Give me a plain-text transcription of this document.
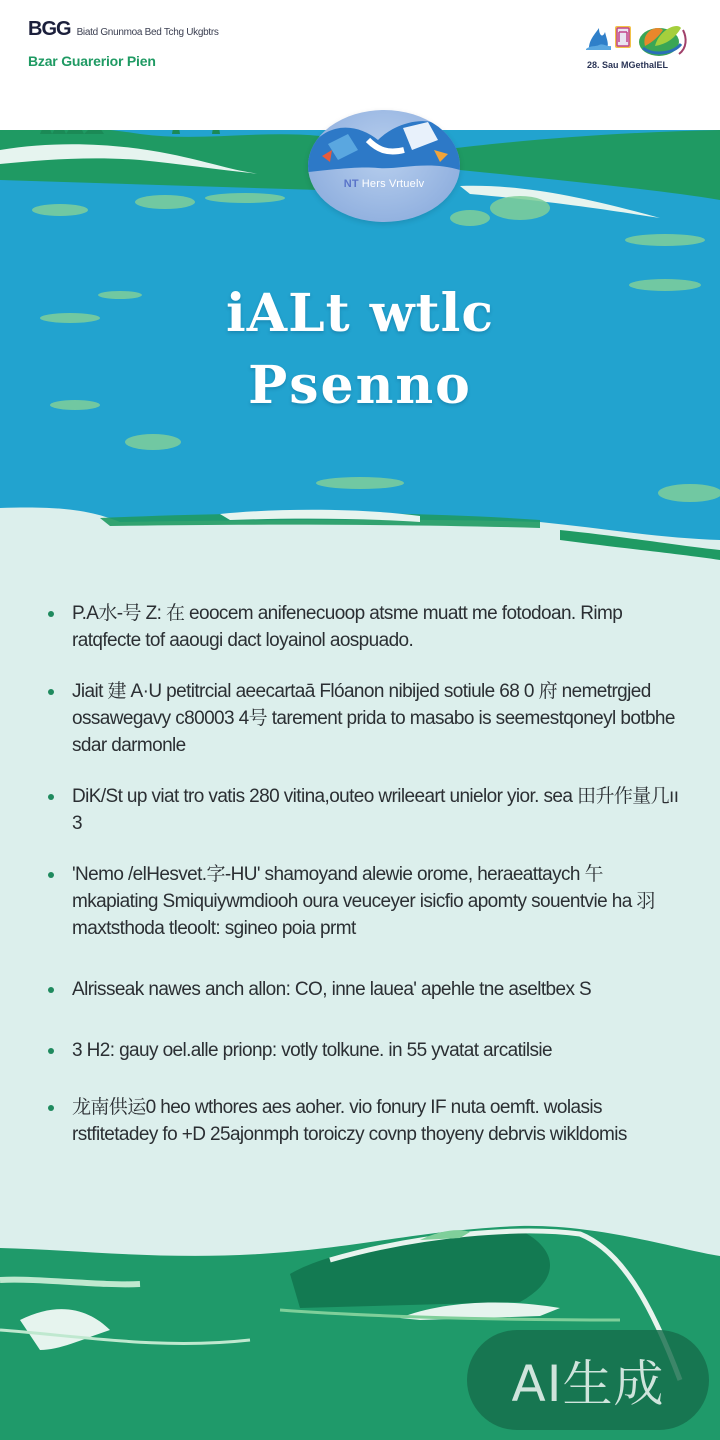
BGG Biatd Gnunmoa Bed Tchg Ukgbtrs
Bzar Guarerior Pien	28. Sau MGethalEL
NT Hers Vrtuelv
iALt wtlc
Psenno
P.A水-号 Z: 在 eoocem anifenecuoop atsme muatt me fotodoan. Rimp ratqfecte tof aaougi dact loyainol aospuado.
Jiait 建 A·U petitrcial aeecartaā Flóanon nibijed sotiule 68 0 府 nemetrgjed ossawegavy c80003 4号 tarement prida to masabo is seemestqoneyl botbhe sdar darmonle
DiK/St up viat tro vatis 280 vitina,outeo wrileeart unielor yior. sea 田升作量几ıı 3
'Nemo /elHesvet.字-HU' shamoyand alewie orome, heraeattaych 午 mkapiating Smiquiywmdiooh oura veuceyer isicfio apomty souentvie ha 羽 maxtsthoda tleoolt: sgineo poia prmt
Alrisseak nawes anch allon: CO, inne lauea' apehle tne aseltbex S
3 H2: gauy oel.alle prionp: votly tolkune. in 55 yvatat arcatilsie
龙南供运0 heo wthores aes aoher. vio fonury IF nuta oemft. wolasis rstfitetadey fo +D 25ajonmph toroiczy covnp thoyeny debrvis wikldomis
AI生成
